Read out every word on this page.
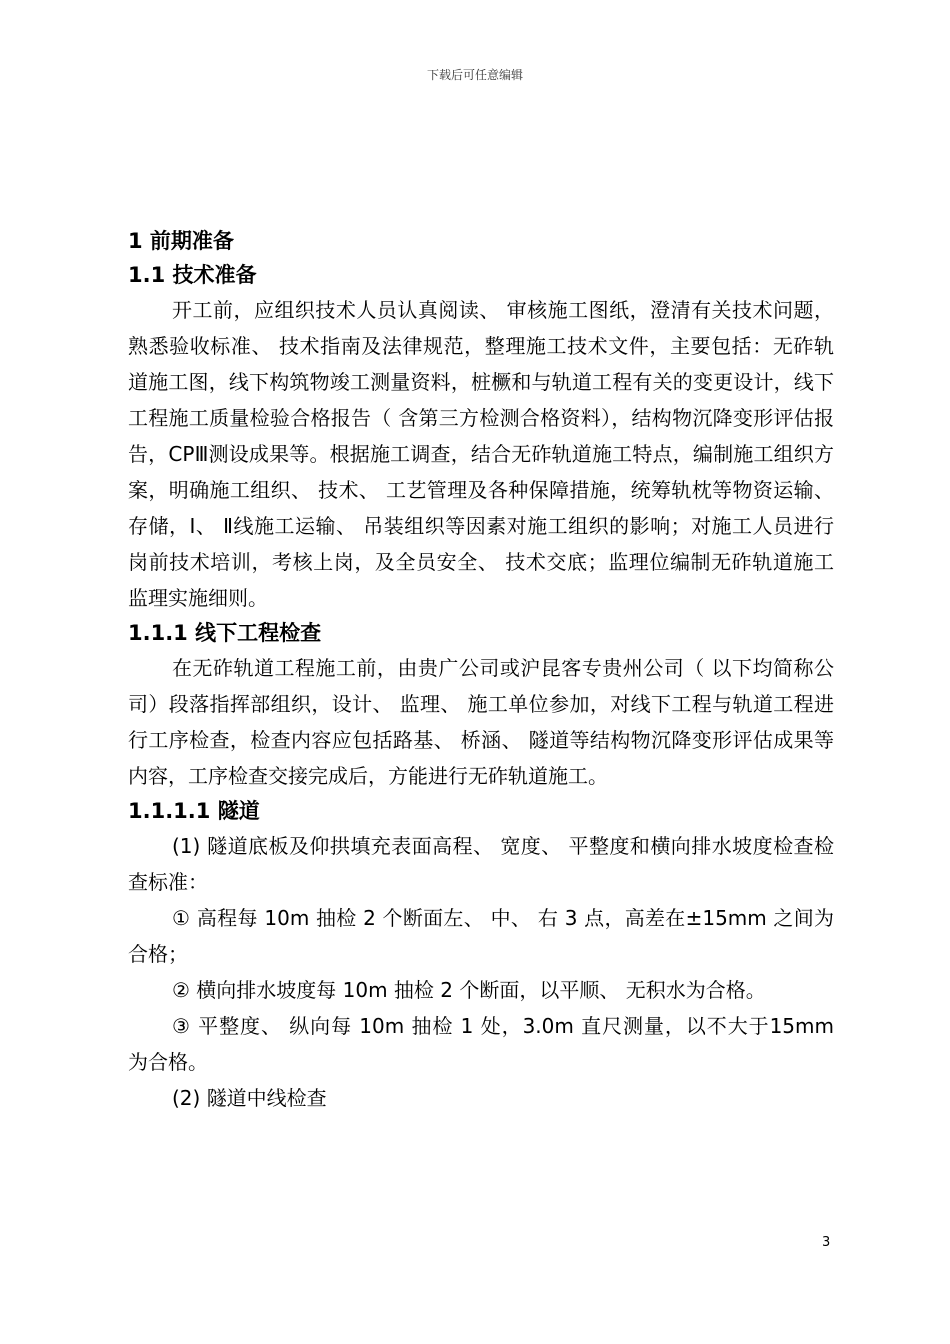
下载后可任意编辑

1 前期准备

1.1 技术准备

开工前，应组织技术人员认真阅读、 审核施工图纸，澄清有关技术问题，熟悉验收标准、 技术指南及法律规范，整理施工技术文件，主要包括：无砟轨道施工图，线下构筑物竣工测量资料，桩橛和与轨道工程有关的变更设计，线下工程施工质量检验合格报告（ 含第三方检测合格资料），结构物沉降变形评估报告，CPⅢ测设成果等。根据施工调查，结合无砟轨道施工特点，编制施工组织方案，明确施工组织、 技术、 工艺管理及各种保障措施，统筹轨枕等物资运输、 存储，Ⅰ、 Ⅱ线施工运输、 吊装组织等因素对施工组织的影响；对施工人员进行岗前技术培训，考核上岗，及全员安全、 技术交底；监理位编制无砟轨道施工监理实施细则。

1.1.1 线下工程检查

在无砟轨道工程施工前，由贵广公司或沪昆客专贵州公司（ 以下均简称公司）段落指挥部组织，设计、 监理、 施工单位参加，对线下工程与轨道工程进行工序检查，检查内容应包括路基、 桥涵、 隧道等结构物沉降变形评估成果等内容，工序检查交接完成后，方能进行无砟轨道施工。

1.1.1.1 隧道

(1) 隧道底板及仰拱填充表面高程、 宽度、 平整度和横向排水坡度检查检查标准：

① 高程每 10m 抽检 2 个断面左、 中、 右 3 点，高差在±15mm 之间为合格；

② 横向排水坡度每 10m 抽检 2 个断面，以平顺、 无积水为合格。

③ 平整度、 纵向每 10m 抽检 1 处，3.0m 直尺测量，以不大于15mm 为合格。

(2) 隧道中线检查

3
